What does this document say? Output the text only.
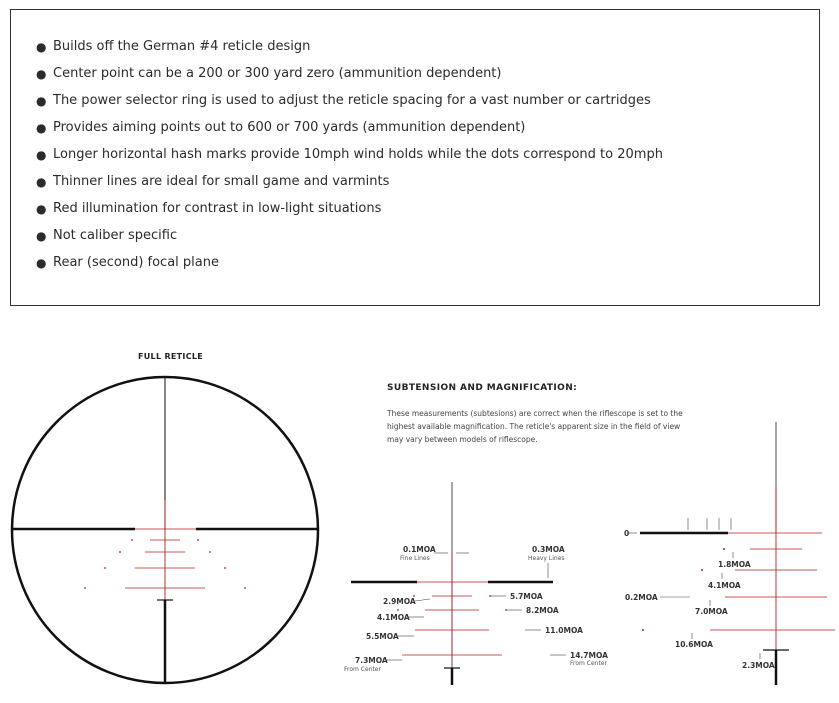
● Builds off the German #4 reticle design
● Center point can be a 200 or 300 yard zero (ammunition dependent)
● The power selector ring is used to adjust the reticle spacing for a vast number or cartridges
● Provides aiming points out to 600 or 700 yards (ammunition dependent)
● Longer horizontal hash marks provide 10mph wind holds while the dots correspond to 20mph
● Thinner lines are ideal for small game and varmints
● Red illumination for contrast in low-light situations
● Not caliber specific
● Rear (second) focal plane
FULL RETICLE
SUBTENSION AND MAGNIFICATION:
These measurements (subtesions) are correct when the riflescope is set to the highest available magnification. The reticle's apparent size in the field of view may vary between models of riflescope.
0.1MOA
Fine Lines
0.3MOA
Heavy Lines
2.9MOA
4.1MOA
5.5MOA
7.3MOA
From Center
5.7MOA
8.2MOA
11.0MOA
14.7MOA
From Center
0
1.8MOA
4.1MOA
0.2MOA
7.0MOA
10.6MOA
2.3MOA
